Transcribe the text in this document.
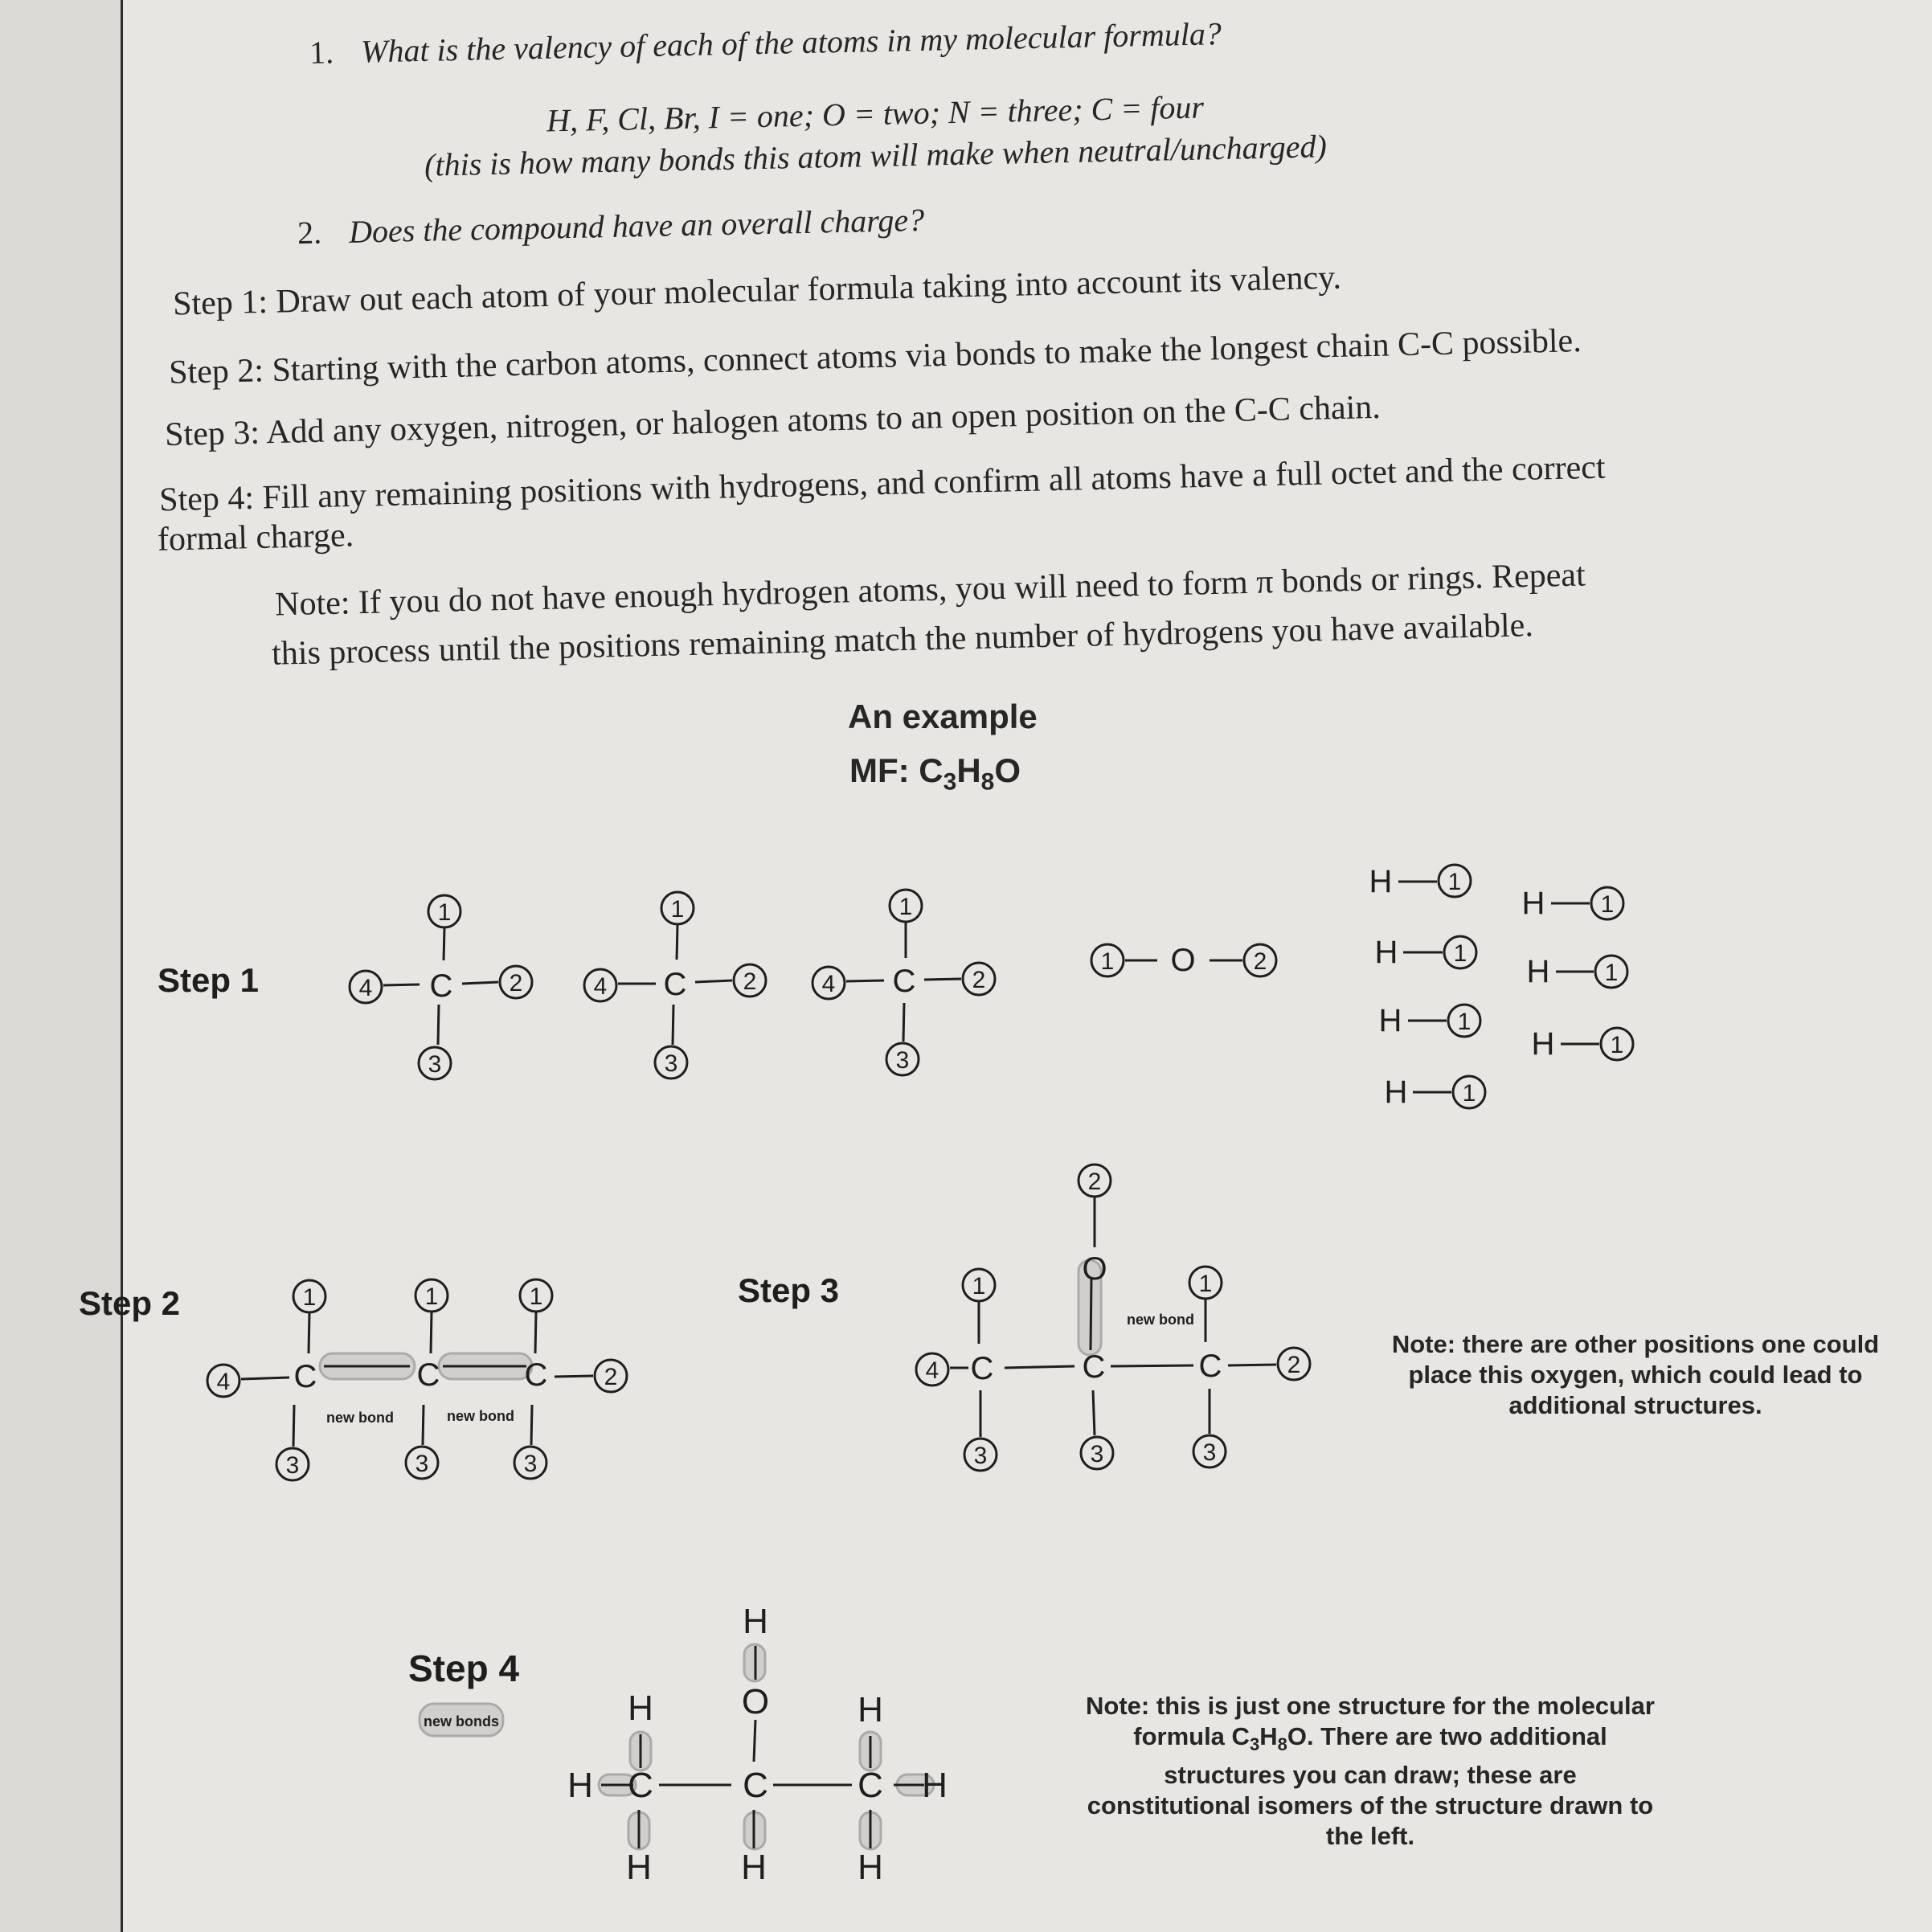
1. What is the valency of each of the atoms in my molecular formula?
H, F, Cl, Br, I = one; O = two; N = three; C = four
(this is how many bonds this atom will make when neutral/uncharged)
2. Does the compound have an overall charge?
Step 1: Draw out each atom of your molecular formula taking into account its valency.
Step 2: Starting with the carbon atoms, connect atoms via bonds to make the longest chain C-C possible.
Step 3: Add any oxygen, nitrogen, or halogen atoms to an open position on the C-C chain.
Step 4: Fill any remaining positions with hydrogens, and confirm all atoms have a full octet and the correct
formal charge.
Note: If you do not have enough hydrogen atoms, you will need to form π bonds or rings. Repeat
this process until the positions remaining match the number of hydrogens you have available.
An example
MF: $C_3H_8O$
Step 1
Step 2	Step 3
Step 4
1
4	2
3
1
4	2
3
1
4	2
3
1	2
1
1
1
1
1
1
1
C	C	C
O
H
H
H
H
H
H
H
1	1	1
4	2
3	3	3
C	C	C
new bond	new bond
2
1	1
4	2
3	3	3
O
C	C	C
new bond
new bonds
H
O
H	H
H C	C	C H
H	H	H
Note: there are other positions one could place this oxygen, which could lead to additional structures.
Note: this is just one structure for the molecular formula $C_3H_8O$. There are two additional structures you can draw; these are constitutional isomers of the structure drawn to the left.
